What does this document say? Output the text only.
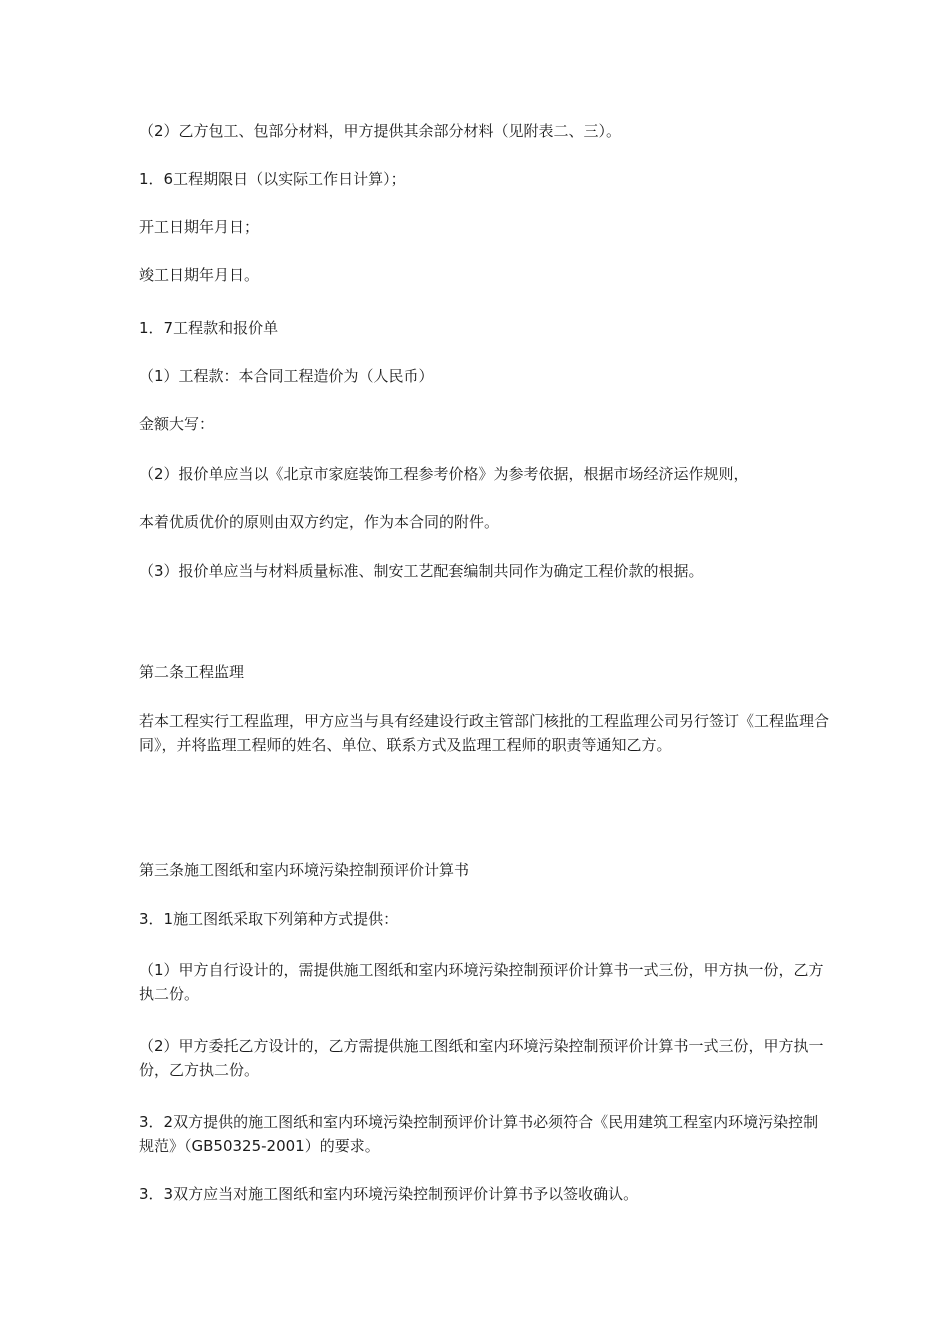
（2）乙方包工、包部分材料，甲方提供其余部分材料（见附表二、三）。

1．6工程期限日（以实际工作日计算）；

开工日期年月日；

竣工日期年月日。

1．7工程款和报价单

（1）工程款：本合同工程造价为（人民币）

金额大写：

（2）报价单应当以《北京市家庭装饰工程参考价格》为参考依据，根据市场经济运作规则，

本着优质优价的原则由双方约定，作为本合同的附件。

（3）报价单应当与材料质量标准、制安工艺配套编制共同作为确定工程价款的根据。

第二条工程监理

若本工程实行工程监理，甲方应当与具有经建设行政主管部门核批的工程监理公司另行签订《工程监理合同》，并将监理工程师的姓名、单位、联系方式及监理工程师的职责等通知乙方。

第三条施工图纸和室内环境污染控制预评价计算书

3．1施工图纸采取下列第种方式提供：

（1）甲方自行设计的，需提供施工图纸和室内环境污染控制预评价计算书一式三份，甲方执一份，乙方执二份。

（2）甲方委托乙方设计的，乙方需提供施工图纸和室内环境污染控制预评价计算书一式三份，甲方执一份，乙方执二份。

3．2双方提供的施工图纸和室内环境污染控制预评价计算书必须符合《民用建筑工程室内环境污染控制规范》（GB50325-2001）的要求。

3．3双方应当对施工图纸和室内环境污染控制预评价计算书予以签收确认。
